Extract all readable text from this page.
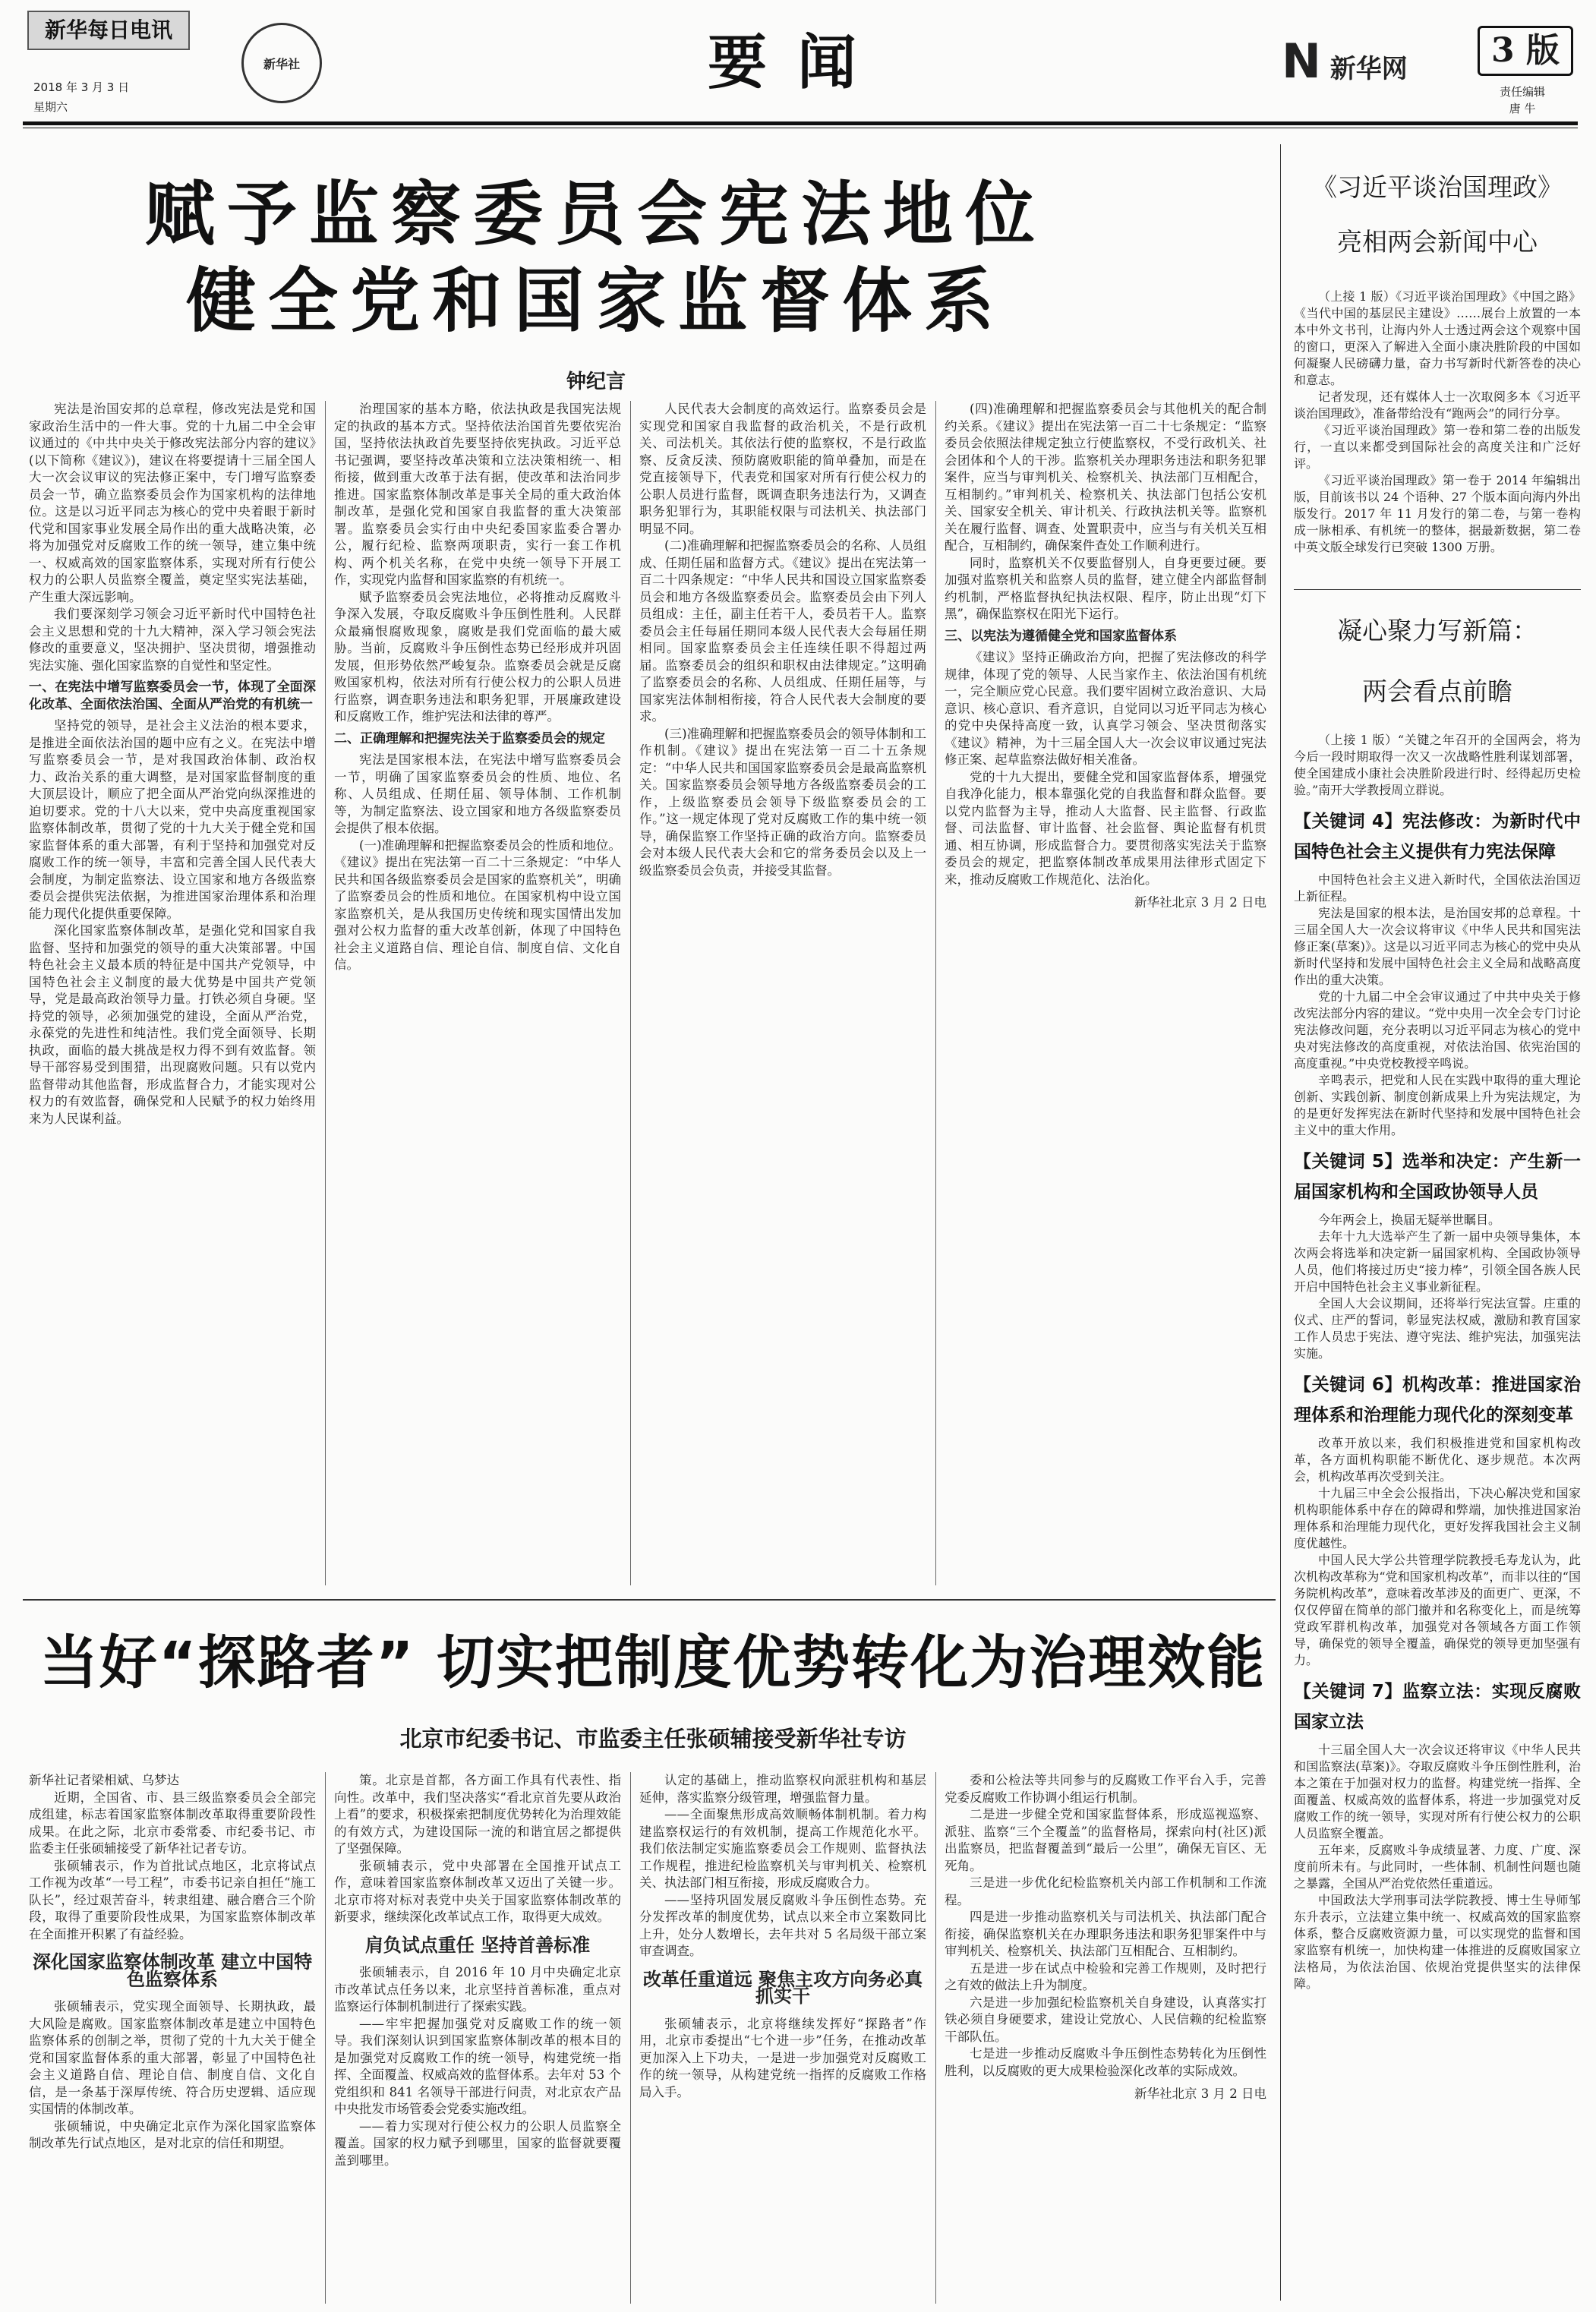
新华每日电讯
新华社
2018 年 3 月 3 日
星期六
要闻	N 新华网	3 版
责任编辑
唐 牛
赋予监察委员会宪法地位
健全党和国家监督体系
钟纪言

宪法是治国安邦的总章程，修改宪法是党和国家政治生活中的一件大事。党的十九届二中全会审议通过的《中共中央关于修改宪法部分内容的建议》(以下简称《建议》)，建议在将要提请十三届全国人大一次会议审议的宪法修正案中，专门增写监察委员会一节，确立监察委员会作为国家机构的法律地位。这是以习近平同志为核心的党中央着眼于新时代党和国家事业发展全局作出的重大战略决策，必将为加强党对反腐败工作的统一领导，建立集中统一、权威高效的国家监察体系，实现对所有行使公权力的公职人员监察全覆盖，奠定坚实宪法基础，产生重大深远影响。

我们要深刻学习领会习近平新时代中国特色社会主义思想和党的十九大精神，深入学习领会宪法修改的重要意义，坚决拥护、坚决贯彻，增强推动宪法实施、强化国家监察的自觉性和坚定性。

一、在宪法中增写监察委员会一节，体现了全面深化改革、全面依法治国、全面从严治党的有机统一

坚持党的领导，是社会主义法治的根本要求，是推进全面依法治国的题中应有之义。在宪法中增写监察委员会一节，是对我国政治体制、政治权力、政治关系的重大调整，是对国家监督制度的重大顶层设计，顺应了把全面从严治党向纵深推进的迫切要求。党的十八大以来，党中央高度重视国家监察体制改革，贯彻了党的十九大关于健全党和国家监督体系的重大部署，有利于坚持和加强党对反腐败工作的统一领导，丰富和完善全国人民代表大会制度，为制定监察法、设立国家和地方各级监察委员会提供宪法依据，为推进国家治理体系和治理能力现代化提供重要保障。

深化国家监察体制改革，是强化党和国家自我监督、坚持和加强党的领导的重大决策部署。中国特色社会主义最本质的特征是中国共产党领导，中国特色社会主义制度的最大优势是中国共产党领导，党是最高政治领导力量。打铁必须自身硬。坚持党的领导，必须加强党的建设，全面从严治党，永葆党的先进性和纯洁性。我们党全面领导、长期执政，面临的最大挑战是权力得不到有效监督。领导干部容易受到围猎，出现腐败问题。只有以党内监督带动其他监督，形成监督合力，才能实现对公权力的有效监督，确保党和人民赋予的权力始终用来为人民谋利益。

治理国家的基本方略，依法执政是我国宪法规定的执政的基本方式。坚持依法治国首先要依宪治国，坚持依法执政首先要坚持依宪执政。习近平总书记强调，要坚持改革决策和立法决策相统一、相衔接，做到重大改革于法有据，使改革和法治同步推进。国家监察体制改革是事关全局的重大政治体制改革，是强化党和国家自我监督的重大决策部署。监察委员会实行由中央纪委国家监委合署办公，履行纪检、监察两项职责，实行一套工作机构、两个机关名称，在党中央统一领导下开展工作，实现党内监督和国家监察的有机统一。

赋予监察委员会宪法地位，必将推动反腐败斗争深入发展，夺取反腐败斗争压倒性胜利。人民群众最痛恨腐败现象，腐败是我们党面临的最大威胁。当前，反腐败斗争压倒性态势已经形成并巩固发展，但形势依然严峻复杂。监察委员会就是反腐败国家机构，依法对所有行使公权力的公职人员进行监察，调查职务违法和职务犯罪，开展廉政建设和反腐败工作，维护宪法和法律的尊严。

二、正确理解和把握宪法关于监察委员会的规定

宪法是国家根本法，在宪法中增写监察委员会一节，明确了国家监察委员会的性质、地位、名称、人员组成、任期任届、领导体制、工作机制等，为制定监察法、设立国家和地方各级监察委员会提供了根本依据。

(一)准确理解和把握监察委员会的性质和地位。《建议》提出在宪法第一百二十三条规定：“中华人民共和国各级监察委员会是国家的监察机关”，明确了监察委员会的性质和地位。在国家机构中设立国家监察机关，是从我国历史传统和现实国情出发加强对公权力监督的重大改革创新，体现了中国特色社会主义道路自信、理论自信、制度自信、文化自信。

人民代表大会制度的高效运行。监察委员会是实现党和国家自我监督的政治机关，不是行政机关、司法机关。其依法行使的监察权，不是行政监察、反贪反渎、预防腐败职能的简单叠加，而是在党直接领导下，代表党和国家对所有行使公权力的公职人员进行监督，既调查职务违法行为，又调查职务犯罪行为，其职能权限与司法机关、执法部门明显不同。

(二)准确理解和把握监察委员会的名称、人员组成、任期任届和监督方式。《建议》提出在宪法第一百二十四条规定：“中华人民共和国设立国家监察委员会和地方各级监察委员会。监察委员会由下列人员组成：主任，副主任若干人，委员若干人。监察委员会主任每届任期同本级人民代表大会每届任期相同。国家监察委员会主任连续任职不得超过两届。监察委员会的组织和职权由法律规定。”这明确了监察委员会的名称、人员组成、任期任届等，与国家宪法体制相衔接，符合人民代表大会制度的要求。

(三)准确理解和把握监察委员会的领导体制和工作机制。《建议》提出在宪法第一百二十五条规定：“中华人民共和国国家监察委员会是最高监察机关。国家监察委员会领导地方各级监察委员会的工作，上级监察委员会领导下级监察委员会的工作。”这一规定体现了党对反腐败工作的集中统一领导，确保监察工作坚持正确的政治方向。监察委员会对本级人民代表大会和它的常务委员会以及上一级监察委员会负责，并接受其监督。

(四)准确理解和把握监察委员会与其他机关的配合制约关系。《建议》提出在宪法第一百二十七条规定：“监察委员会依照法律规定独立行使监察权，不受行政机关、社会团体和个人的干涉。监察机关办理职务违法和职务犯罪案件，应当与审判机关、检察机关、执法部门互相配合，互相制约。”审判机关、检察机关、执法部门包括公安机关、国家安全机关、审计机关、行政执法机关等。监察机关在履行监督、调查、处置职责中，应当与有关机关互相配合，互相制约，确保案件查处工作顺利进行。

同时，监察机关不仅要监督别人，自身更要过硬。要加强对监察机关和监察人员的监督，建立健全内部监督制约机制，严格监督执纪执法权限、程序，防止出现“灯下黑”，确保监察权在阳光下运行。

三、以宪法为遵循健全党和国家监督体系

《建议》坚持正确政治方向，把握了宪法修改的科学规律，体现了党的领导、人民当家作主、依法治国有机统一，完全顺应党心民意。我们要牢固树立政治意识、大局意识、核心意识、看齐意识，自觉同以习近平同志为核心的党中央保持高度一致，认真学习领会、坚决贯彻落实《建议》精神，为十三届全国人大一次会议审议通过宪法修正案、起草监察法做好相关准备。

党的十九大提出，要健全党和国家监督体系，增强党自我净化能力，根本靠强化党的自我监督和群众监督。要以党内监督为主导，推动人大监督、民主监督、行政监督、司法监督、审计监督、社会监督、舆论监督有机贯通、相互协调，形成监督合力。要贯彻落实宪法关于监察委员会的规定，把监察体制改革成果用法律形式固定下来，推动反腐败工作规范化、法治化。

新华社北京 3 月 2 日电

当好“探路者” 切实把制度优势转化为治理效能
北京市纪委书记、市监委主任张硕辅接受新华社专访

新华社记者梁相斌、乌梦达

近期，全国省、市、县三级监察委员会全部完成组建，标志着国家监察体制改革取得重要阶段性成果。在此之际，北京市委常委、市纪委书记、市监委主任张硕辅接受了新华社记者专访。

张硕辅表示，作为首批试点地区，北京将试点工作视为改革“一号工程”，市委书记亲自担任“施工队长”，经过艰苦奋斗，转隶组建、融合磨合三个阶段，取得了重要阶段性成果，为国家监察体制改革在全面推开积累了有益经验。

深化国家监察体制改革 建立中国特色监察体系

张硕辅表示，党实现全面领导、长期执政，最大风险是腐败。国家监察体制改革是建立中国特色监察体系的创制之举，贯彻了党的十九大关于健全党和国家监督体系的重大部署，彰显了中国特色社会主义道路自信、理论自信、制度自信、文化自信，是一条基于深厚传统、符合历史逻辑、适应现实国情的体制改革。

张硕辅说，中央确定北京作为深化国家监察体制改革先行试点地区，是对北京的信任和期望。

策。北京是首都，各方面工作具有代表性、指向性。改革中，我们坚决落实“看北京首先要从政治上看”的要求，积极探索把制度优势转化为治理效能的有效方式，为建设国际一流的和谐宜居之都提供了坚强保障。

张硕辅表示，党中央部署在全国推开试点工作，意味着国家监察体制改革又迈出了关键一步。北京市将对标对表党中央关于国家监察体制改革的新要求，继续深化改革试点工作，取得更大成效。

肩负试点重任 坚持首善标准

张硕辅表示，自 2016 年 10 月中央确定北京市改革试点任务以来，北京坚持首善标准，重点对监察运行体制机制进行了探索实践。

——牢牢把握加强党对反腐败工作的统一领导。我们深刻认识到国家监察体制改革的根本目的是加强党对反腐败工作的统一领导，构建党统一指挥、全面覆盖、权威高效的监督体系。去年对 53 个党组织和 841 名领导干部进行问责，对北京农产品中央批发市场管委会党委实施改组。

——着力实现对行使公权力的公职人员监察全覆盖。国家的权力赋予到哪里，国家的监督就要覆盖到哪里。

认定的基础上，推动监察权向派驻机构和基层延伸，落实监察分级管理，增强监督力量。

——全面聚焦形成高效顺畅体制机制。着力构建监察权运行的有效机制，提高工作规范化水平。我们依法制定实施监察委员会工作规则、监督执法工作规程，推进纪检监察机关与审判机关、检察机关、执法部门相互衔接，形成反腐败合力。

——坚持巩固发展反腐败斗争压倒性态势。充分发挥改革的制度优势，试点以来全市立案数同比上升，处分人数增长，去年共对 5 名局级干部立案审查调查。

改革任重道远 聚焦主攻方向务必真抓实干

张硕辅表示，北京将继续发挥好“探路者”作用，北京市委提出“七个进一步”任务，在推动改革更加深入上下功夫，一是进一步加强党对反腐败工作的统一领导，从构建党统一指挥的反腐败工作格局入手。

委和公检法等共同参与的反腐败工作平台入手，完善党委反腐败工作协调小组运行机制。

二是进一步健全党和国家监督体系，形成巡视巡察、派驻、监察“三个全覆盖”的监督格局，探索向村(社区)派出监察员，把监督覆盖到“最后一公里”，确保无盲区、无死角。

三是进一步优化纪检监察机关内部工作机制和工作流程。

四是进一步推动监察机关与司法机关、执法部门配合衔接，确保监察机关在办理职务违法和职务犯罪案件中与审判机关、检察机关、执法部门互相配合、互相制约。

五是进一步在试点中检验和完善工作规则，及时把行之有效的做法上升为制度。

六是进一步加强纪检监察机关自身建设，认真落实打铁必须自身硬要求，建设让党放心、人民信赖的纪检监察干部队伍。

七是进一步推动反腐败斗争压倒性态势转化为压倒性胜利，以反腐败的更大成果检验深化改革的实际成效。

新华社北京 3 月 2 日电

《习近平谈治国理政》
亮相两会新闻中心

（上接 1 版）《习近平谈治国理政》《中国之路》《当代中国的基层民主建设》……展台上放置的一本本中外文书刊，让海内外人士透过两会这个观察中国的窗口，更深入了解进入全面小康决胜阶段的中国如何凝聚人民磅礴力量，奋力书写新时代新答卷的决心和意志。

记者发现，还有媒体人士一次取阅多本《习近平谈治国理政》，准备带给没有“跑两会”的同行分享。

《习近平谈治国理政》第一卷和第二卷的出版发行，一直以来都受到国际社会的高度关注和广泛好评。

《习近平谈治国理政》第一卷于 2014 年编辑出版，目前该书以 24 个语种、27 个版本面向海内外出版发行。2017 年 11 月发行的第二卷，与第一卷构成一脉相承、有机统一的整体，据最新数据，第二卷中英文版全球发行已突破 1300 万册。

凝心聚力写新篇：
两会看点前瞻

（上接 1 版）“关键之年召开的全国两会，将为今后一段时期取得一次又一次战略性胜利谋划部署，使全国建成小康社会决胜阶段进行时、经得起历史检验。”南开大学教授周立群说。

【关键词 4】宪法修改：为新时代中国特色社会主义提供有力宪法保障

中国特色社会主义进入新时代，全国依法治国迈上新征程。

宪法是国家的根本法，是治国安邦的总章程。十三届全国人大一次会议将审议《中华人民共和国宪法修正案(草案)》。这是以习近平同志为核心的党中央从新时代坚持和发展中国特色社会主义全局和战略高度作出的重大决策。

党的十九届二中全会审议通过了中共中央关于修改宪法部分内容的建议。“党中央用一次全会专门讨论宪法修改问题，充分表明以习近平同志为核心的党中央对宪法修改的高度重视，对依法治国、依宪治国的高度重视。”中央党校教授辛鸣说。

辛鸣表示，把党和人民在实践中取得的重大理论创新、实践创新、制度创新成果上升为宪法规定，为的是更好发挥宪法在新时代坚持和发展中国特色社会主义中的重大作用。

【关键词 5】选举和决定：产生新一届国家机构和全国政协领导人员

今年两会上，换届无疑举世瞩目。

去年十九大选举产生了新一届中央领导集体，本次两会将选举和决定新一届国家机构、全国政协领导人员，他们将接过历史“接力棒”，引领全国各族人民开启中国特色社会主义事业新征程。

全国人大会议期间，还将举行宪法宣誓。庄重的仪式、庄严的誓词，彰显宪法权威，激励和教育国家工作人员忠于宪法、遵守宪法、维护宪法，加强宪法实施。

【关键词 6】机构改革：推进国家治理体系和治理能力现代化的深刻变革

改革开放以来，我们积极推进党和国家机构改革，各方面机构职能不断优化、逐步规范。本次两会，机构改革再次受到关注。

十九届三中全会公报指出，下决心解决党和国家机构职能体系中存在的障碍和弊端，加快推进国家治理体系和治理能力现代化，更好发挥我国社会主义制度优越性。

中国人民大学公共管理学院教授毛寿龙认为，此次机构改革称为“党和国家机构改革”，而非以往的“国务院机构改革”，意味着改革涉及的面更广、更深，不仅仅停留在简单的部门撤并和名称变化上，而是统筹党政军群机构改革，加强党对各领域各方面工作领导，确保党的领导全覆盖，确保党的领导更加坚强有力。

【关键词 7】监察立法：实现反腐败国家立法

十三届全国人大一次会议还将审议《中华人民共和国监察法(草案)》。夺取反腐败斗争压倒性胜利，治本之策在于加强对权力的监督。构建党统一指挥、全面覆盖、权威高效的监督体系，将进一步加强党对反腐败工作的统一领导，实现对所有行使公权力的公职人员监察全覆盖。

五年来，反腐败斗争成绩显著、力度、广度、深度前所未有。与此同时，一些体制、机制性问题也随之暴露，全国从严治党依然任重道远。

中国政法大学刑事司法学院教授、博士生导师邹东升表示，立法建立集中统一、权威高效的国家监察体系，整合反腐败资源力量，可以实现党的监督和国家监察有机统一，加快构建一体推进的反腐败国家立法格局，为依法治国、依规治党提供坚实的法律保障。
